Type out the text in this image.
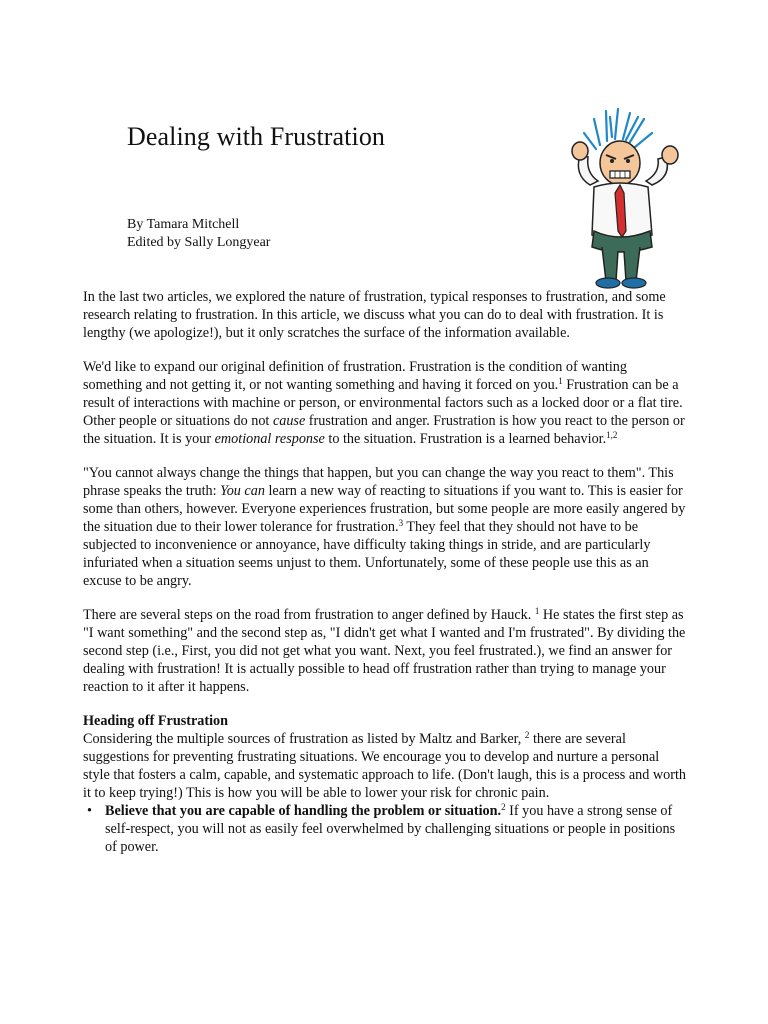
Dealing with Frustration
By Tamara Mitchell
Edited by Sally Longyear

In the last two articles, we explored the nature of frustration, typical responses to frustration, and some research relating to frustration. In this article, we discuss what you can do to deal with frustration. It is lengthy (we apologize!), but it only scratches the surface of the information available.

We'd like to expand our original definition of frustration. Frustration is the condition of wanting something and not getting it, or not wanting something and having it forced on you.$^1$ Frustration can be a result of interactions with machine or person, or environmental factors such as a locked door or a flat tire. Other people or situations do not cause frustration and anger. Frustration is how you react to the person or the situation. It is your emotional response to the situation. Frustration is a learned behavior.$^{1,2}$

"You cannot always change the things that happen, but you can change the way you react to them". This phrase speaks the truth: You can learn a new way of reacting to situations if you want to. This is easier for some than others, however. Everyone experiences frustration, but some people are more easily angered by the situation due to their lower tolerance for frustration.$^3$ They feel that they should not have to be subjected to inconvenience or annoyance, have difficulty taking things in stride, and are particularly infuriated when a situation seems unjust to them. Unfortunately, some of these people use this as an excuse to be angry.

There are several steps on the road from frustration to anger defined by Hauck. $^1$ He states the first step as "I want something" and the second step as, "I didn't get what I wanted and I'm frustrated". By dividing the second step (i.e., First, you did not get what you want. Next, you feel frustrated.), we find an answer for dealing with frustration! It is actually possible to head off frustration rather than trying to manage your reaction to it after it happens.

Heading off Frustration
Considering the multiple sources of frustration as listed by Maltz and Barker, $^2$ there are several suggestions for preventing frustrating situations. We encourage you to develop and nurture a personal style that fosters a calm, capable, and systematic approach to life. (Don't laugh, this is a process and worth it to keep trying!) This is how you will be able to lower your risk for chronic pain.
• Believe that you are capable of handling the problem or situation.$^2$ If you have a strong sense of self-respect, you will not as easily feel overwhelmed by challenging situations or people in positions of power.
